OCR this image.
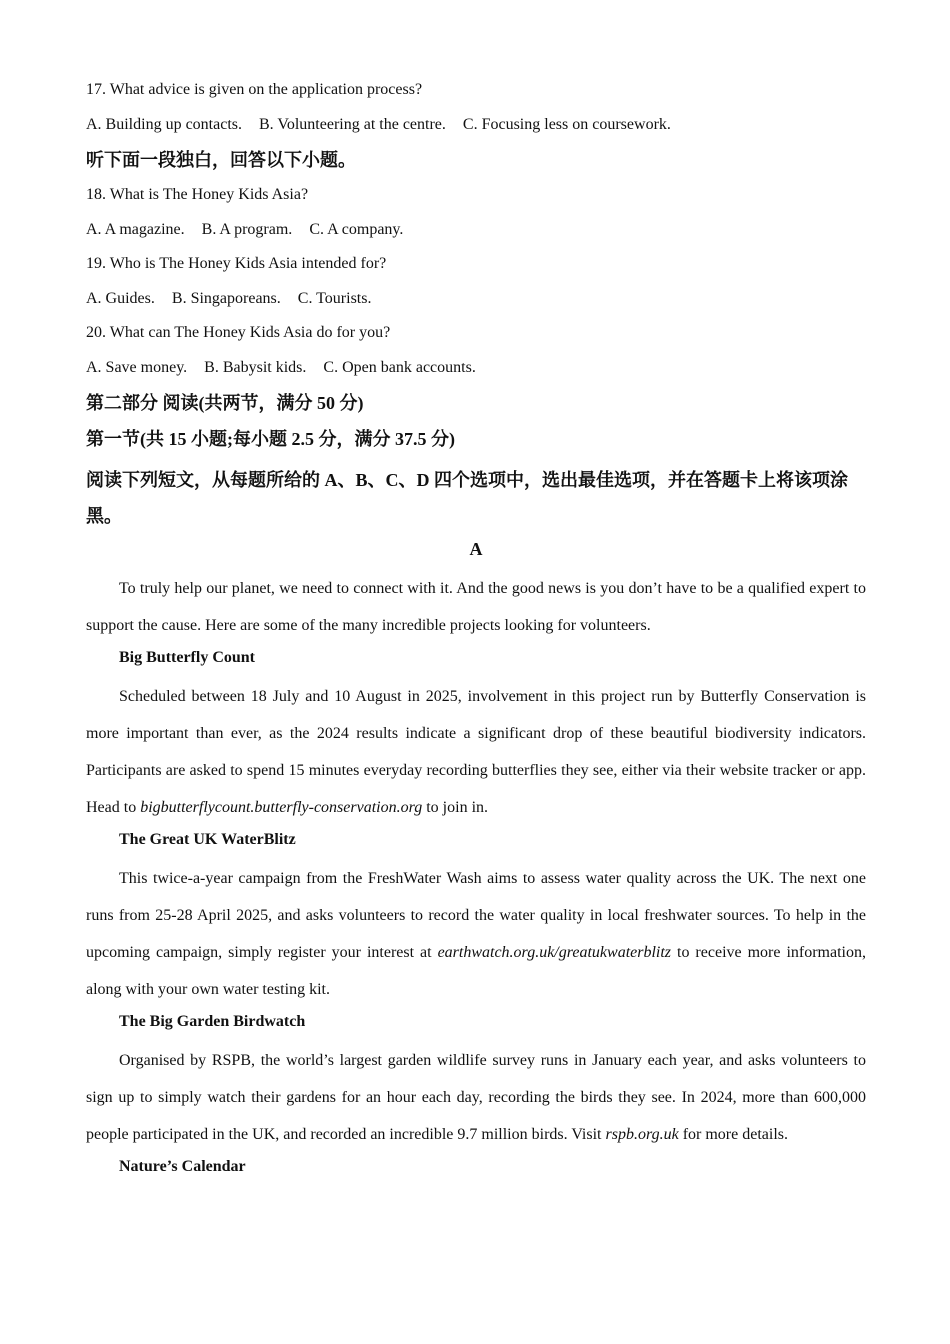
17. What advice is given on the application process?
A. Building up contacts. B. Volunteering at the centre. C. Focusing less on coursework.
听下面一段独白，回答以下小题。
18. What is The Honey Kids Asia?
A. A magazine. B. A program. C. A company.
19. Who is The Honey Kids Asia intended for?
A. Guides. B. Singaporeans. C. Tourists.
20. What can The Honey Kids Asia do for you?
A. Save money. B. Babysit kids. C. Open bank accounts.
第二部分 阅读(共两节，满分 50 分)
第一节(共 15 小题;每小题 2.5 分，满分 37.5 分)
阅读下列短文，从每题所给的 A、B、C、D 四个选项中，选出最佳选项，并在答题卡上将该项涂黑。
A
To truly help our planet, we need to connect with it. And the good news is you don’t have to be a qualified expert to support the cause. Here are some of the many incredible projects looking for volunteers.
Big Butterfly Count
Scheduled between 18 July and 10 August in 2025, involvement in this project run by Butterfly Conservation is more important than ever, as the 2024 results indicate a significant drop of these beautiful biodiversity indicators. Participants are asked to spend 15 minutes everyday recording butterflies they see, either via their website tracker or app. Head to bigbutterflycount.butterfly-conservation.org to join in.
The Great UK WaterBlitz
This twice-a-year campaign from the FreshWater Wash aims to assess water quality across the UK. The next one runs from 25-28 April 2025, and asks volunteers to record the water quality in local freshwater sources. To help in the upcoming campaign, simply register your interest at earthwatch.org.uk/greatukwaterblitz to receive more information, along with your own water testing kit.
The Big Garden Birdwatch
Organised by RSPB, the world’s largest garden wildlife survey runs in January each year, and asks volunteers to sign up to simply watch their gardens for an hour each day, recording the birds they see. In 2024, more than 600,000 people participated in the UK, and recorded an incredible 9.7 million birds. Visit rspb.org.uk for more details.
Nature’s Calendar
